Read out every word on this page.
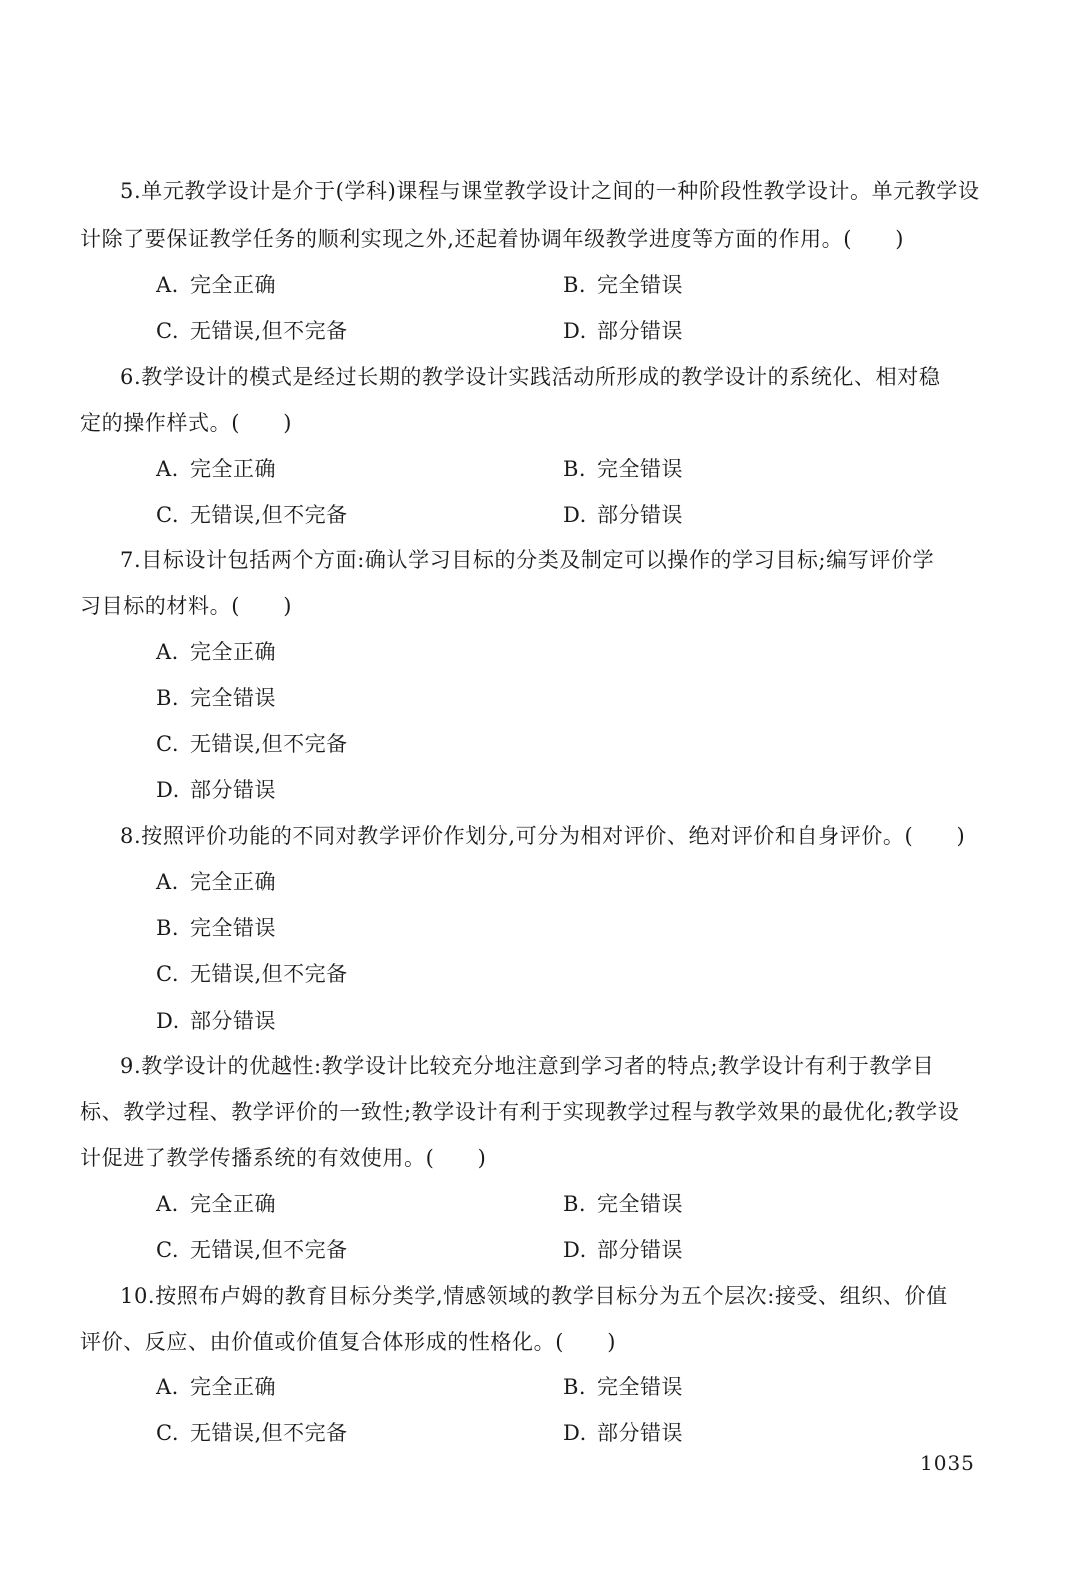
5.单元教学设计是介于(学科)课程与课堂教学设计之间的一种阶段性教学设计。单元教学设
计除了要保证教学任务的顺利实现之外,还起着协调年级教学进度等方面的作用。(　　)
A. 完全正确	B. 完全错误
C. 无错误,但不完备	D. 部分错误
6.教学设计的模式是经过长期的教学设计实践活动所形成的教学设计的系统化、相对稳
定的操作样式。(　　)
A. 完全正确	B. 完全错误
C. 无错误,但不完备	D. 部分错误
7.目标设计包括两个方面:确认学习目标的分类及制定可以操作的学习目标;编写评价学
习目标的材料。(　　)
A. 完全正确
B. 完全错误
C. 无错误,但不完备
D. 部分错误
8.按照评价功能的不同对教学评价作划分,可分为相对评价、绝对评价和自身评价。(　　)
A. 完全正确
B. 完全错误
C. 无错误,但不完备
D. 部分错误
9.教学设计的优越性:教学设计比较充分地注意到学习者的特点;教学设计有利于教学目
标、教学过程、教学评价的一致性;教学设计有利于实现教学过程与教学效果的最优化;教学设
计促进了教学传播系统的有效使用。(　　)
A. 完全正确	B. 完全错误
C. 无错误,但不完备	D. 部分错误
10.按照布卢姆的教育目标分类学,情感领域的教学目标分为五个层次:接受、组织、价值
评价、反应、由价值或价值复合体形成的性格化。(　　)
A. 完全正确	B. 完全错误
C. 无错误,但不完备	D. 部分错误
1035
